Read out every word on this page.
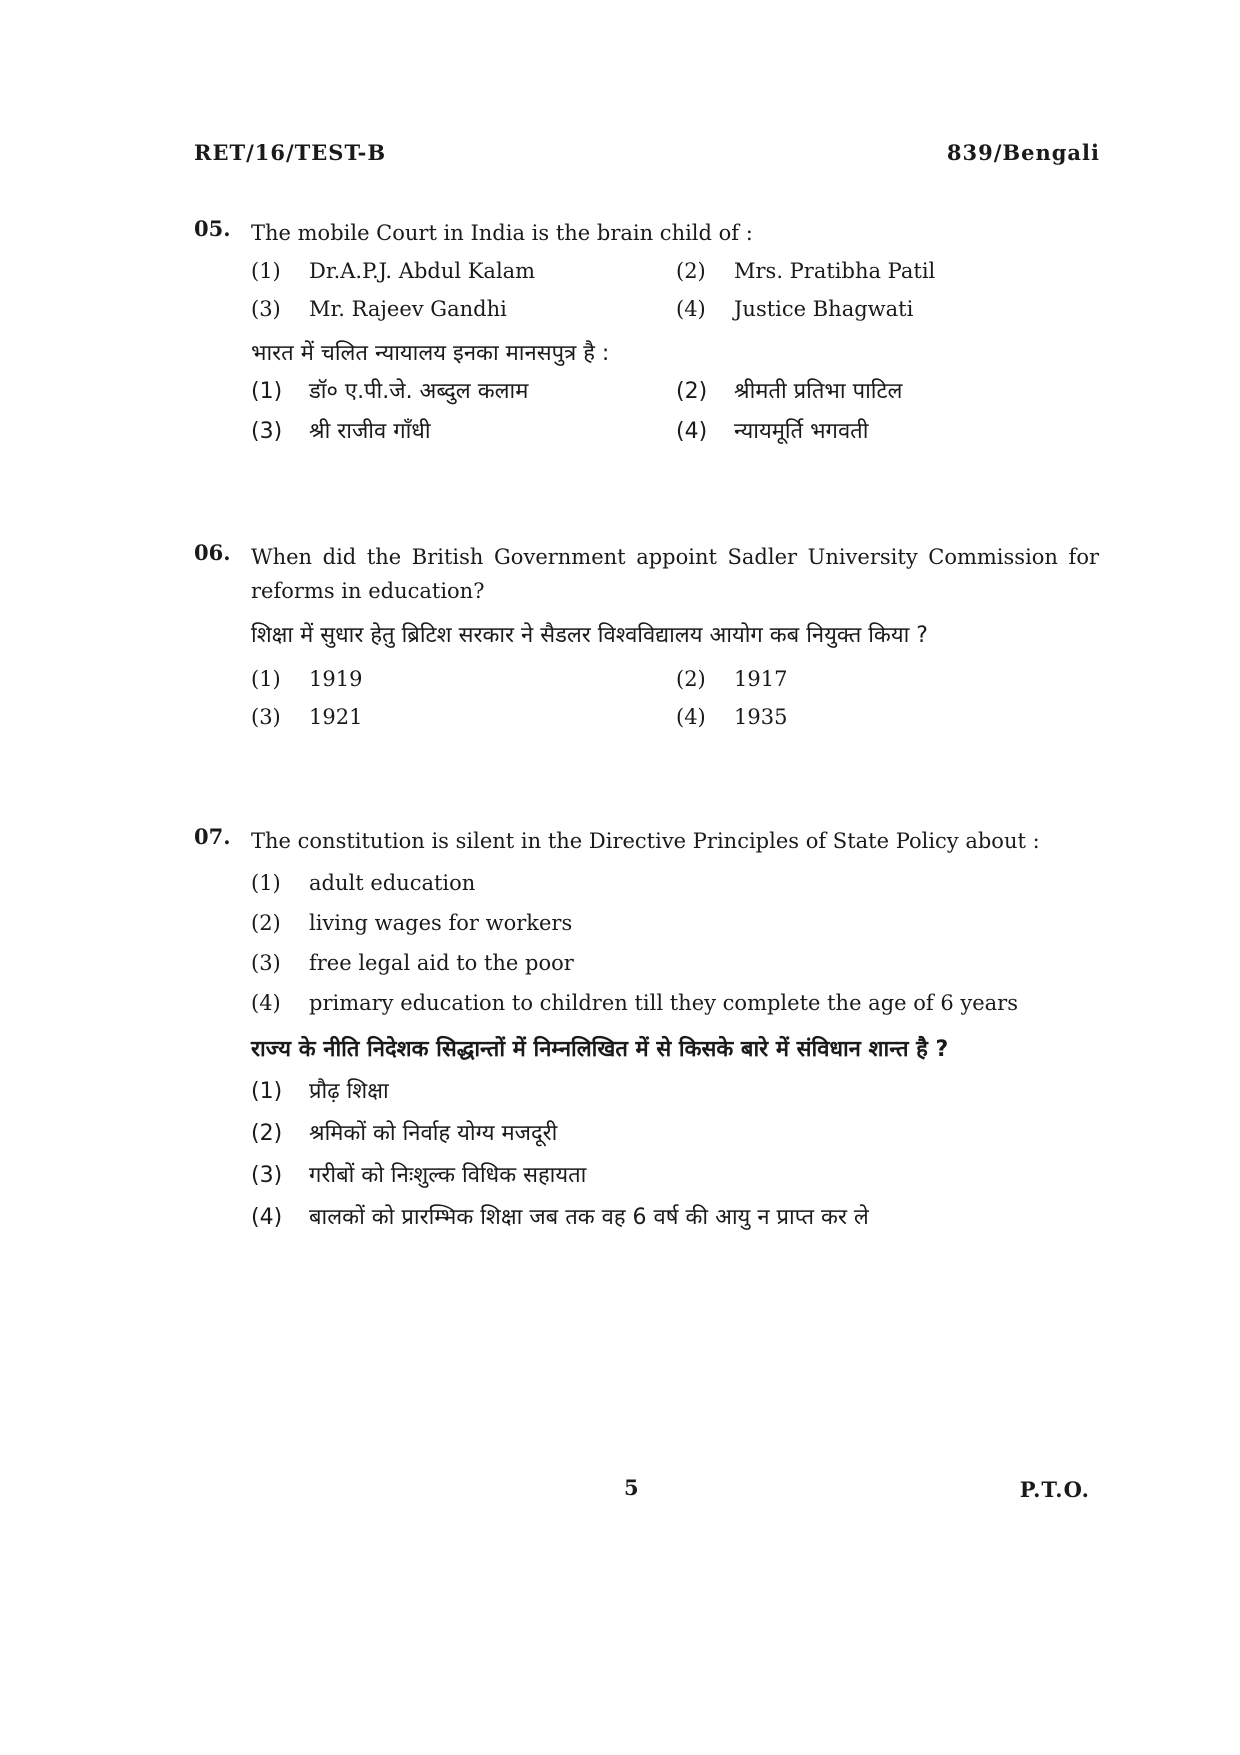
RET/16/TEST-B	839/Bengali
05. The mobile Court in India is the brain child of :
(1)	Dr.A.P.J. Abdul Kalam	(2)	Mrs. Pratibha Patil
(3)	Mr. Rajeev Gandhi	(4)	Justice Bhagwati
भारत में चलित न्यायालय इनका मानसपुत्र है :
(1)	डॉ० ए.पी.जे. अब्दुल कलाम	(2)	श्रीमती प्रतिभा पाटिल
(3)	श्री राजीव गाँधी	(4)	न्यायमूर्ति भगवती
06. When did the British Government appoint Sadler University Commission for reforms in education?
शिक्षा में सुधार हेतु ब्रिटिश सरकार ने सैडलर विश्वविद्यालय आयोग कब नियुक्त किया ?
(1)	1919	(2)	1917
(3)	1921	(4)	1935
07. The constitution is silent in the Directive Principles of State Policy about :
(1)	adult education
(2)	living wages for workers
(3)	free legal aid to the poor
(4)	primary education to children till they complete the age of 6 years
राज्य के नीति निदेशक सिद्धान्तों में निम्नलिखित में से किसके बारे में संविधान शान्त है ?
(1)	प्रौढ़ शिक्षा
(2)	श्रमिकों को निर्वाह योग्य मजदूरी
(3)	गरीबों को निःशुल्क विधिक सहायता
(4)	बालकों को प्रारम्भिक शिक्षा जब तक वह 6 वर्ष की आयु न प्राप्त कर ले
5	P.T.O.
